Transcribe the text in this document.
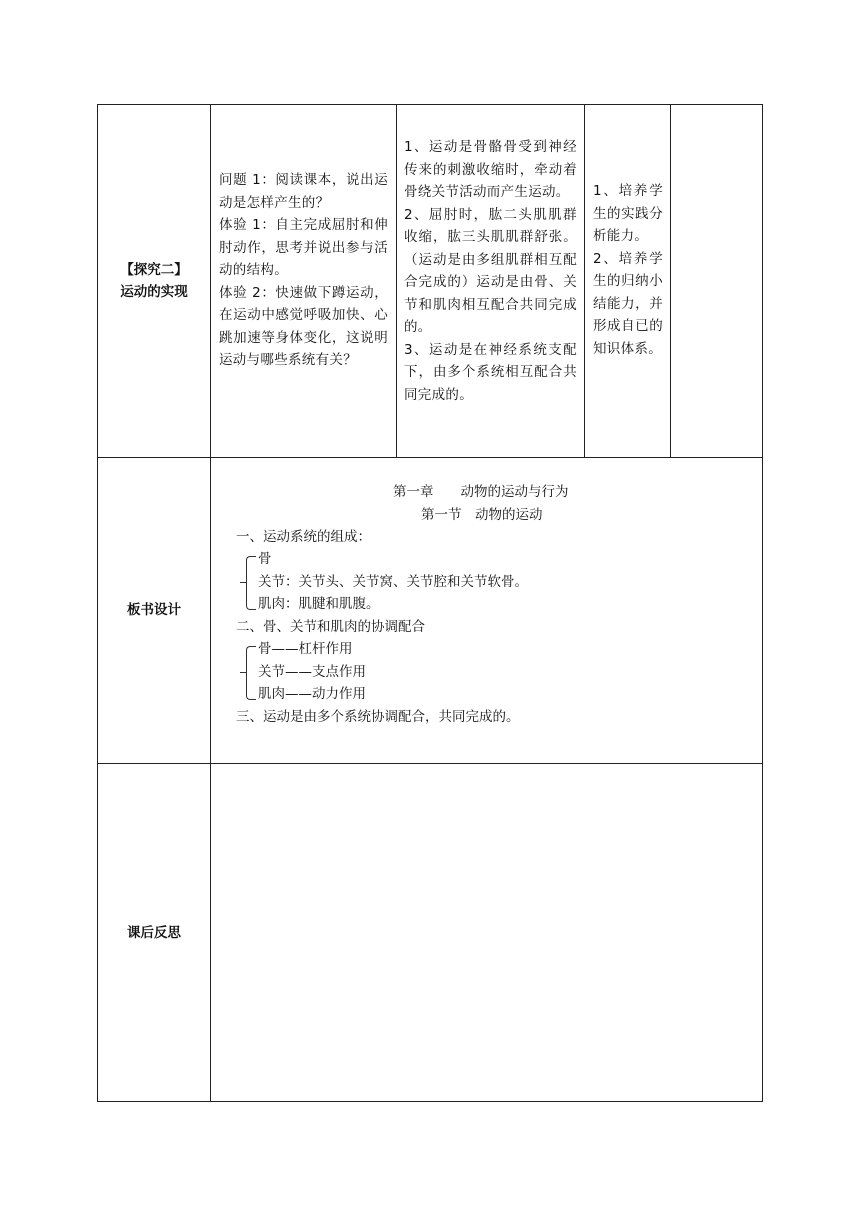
【探究二】
运动的实现
问题 1：阅读课本，说出运动是怎样产生的？
体验 1：自主完成屈肘和伸肘动作，思考并说出参与活动的结构。
体验 2：快速做下蹲运动，在运动中感觉呼吸加快、心跳加速等身体变化，这说明运动与哪些系统有关？
1、运动是骨骼骨受到神经传来的刺激收缩时，牵动着骨绕关节活动而产生运动。
2、屈肘时，肱二头肌肌群收缩，肱三头肌肌群舒张。（运动是由多组肌群相互配合完成的）运动是由骨、关节和肌肉相互配合共同完成的。
3、运动是在神经系统支配下，由多个系统相互配合共同完成的。
1、培养学生的实践分析能力。
2、培养学生的归纳小结能力，并形成自已的知识体系。
板书设计
第一章　　动物的运动与行为
第一节　动物的运动
一、运动系统的组成：
骨
关节：关节头、关节窝、关节腔和关节软骨。
肌肉：肌腱和肌腹。
二、骨、关节和肌肉的协调配合
骨——杠杆作用
关节——支点作用
肌肉——动力作用
三、运动是由多个系统协调配合，共同完成的。
课后反思
